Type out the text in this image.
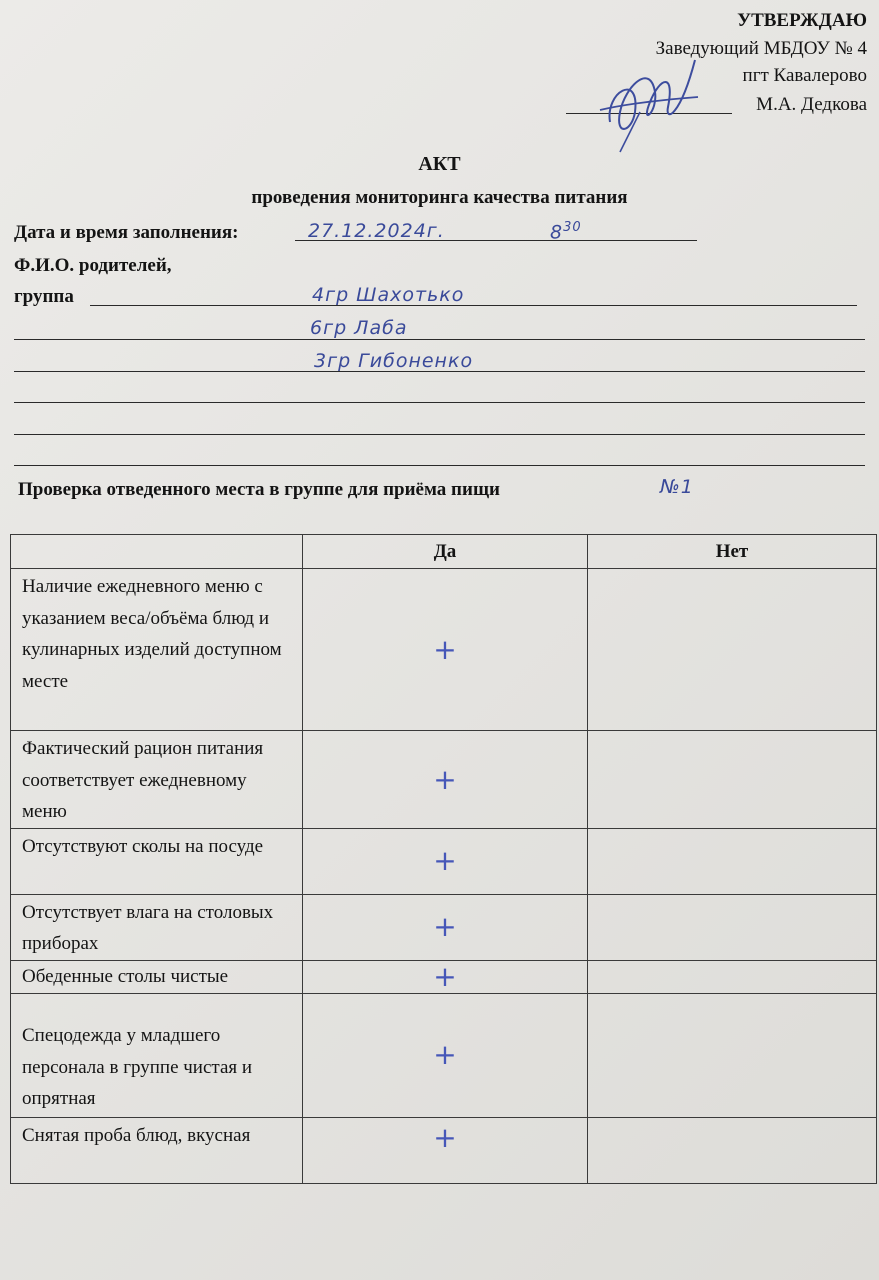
УТВЕРЖДАЮ
Заведующий МБДОУ № 4
пгт Кавалерово
М.А. Дедкова
АКТ
проведения мониторинга качества питания
Дата и время заполнения:	27.12.2024г.	$8^{30}$
Ф.И.О. родителей,
группа	4гр Шахотько
6гр Лаба
3гр Гибоненко
Проверка отведенного места в группе для приёма пищи	№1
	Да	Нет
Наличие ежедневного меню с указанием веса/объёма блюд и кулинарных изделий доступном месте	+	
Фактический рацион питания соответствует ежедневному меню	+	
Отсутствуют сколы на посуде	+	
Отсутствует влага на столовых приборах	+	
Обеденные столы чистые	+	
Спецодежда у младшего персонала в группе чистая и опрятная	+	
Снятая проба блюд, вкусная	+	
